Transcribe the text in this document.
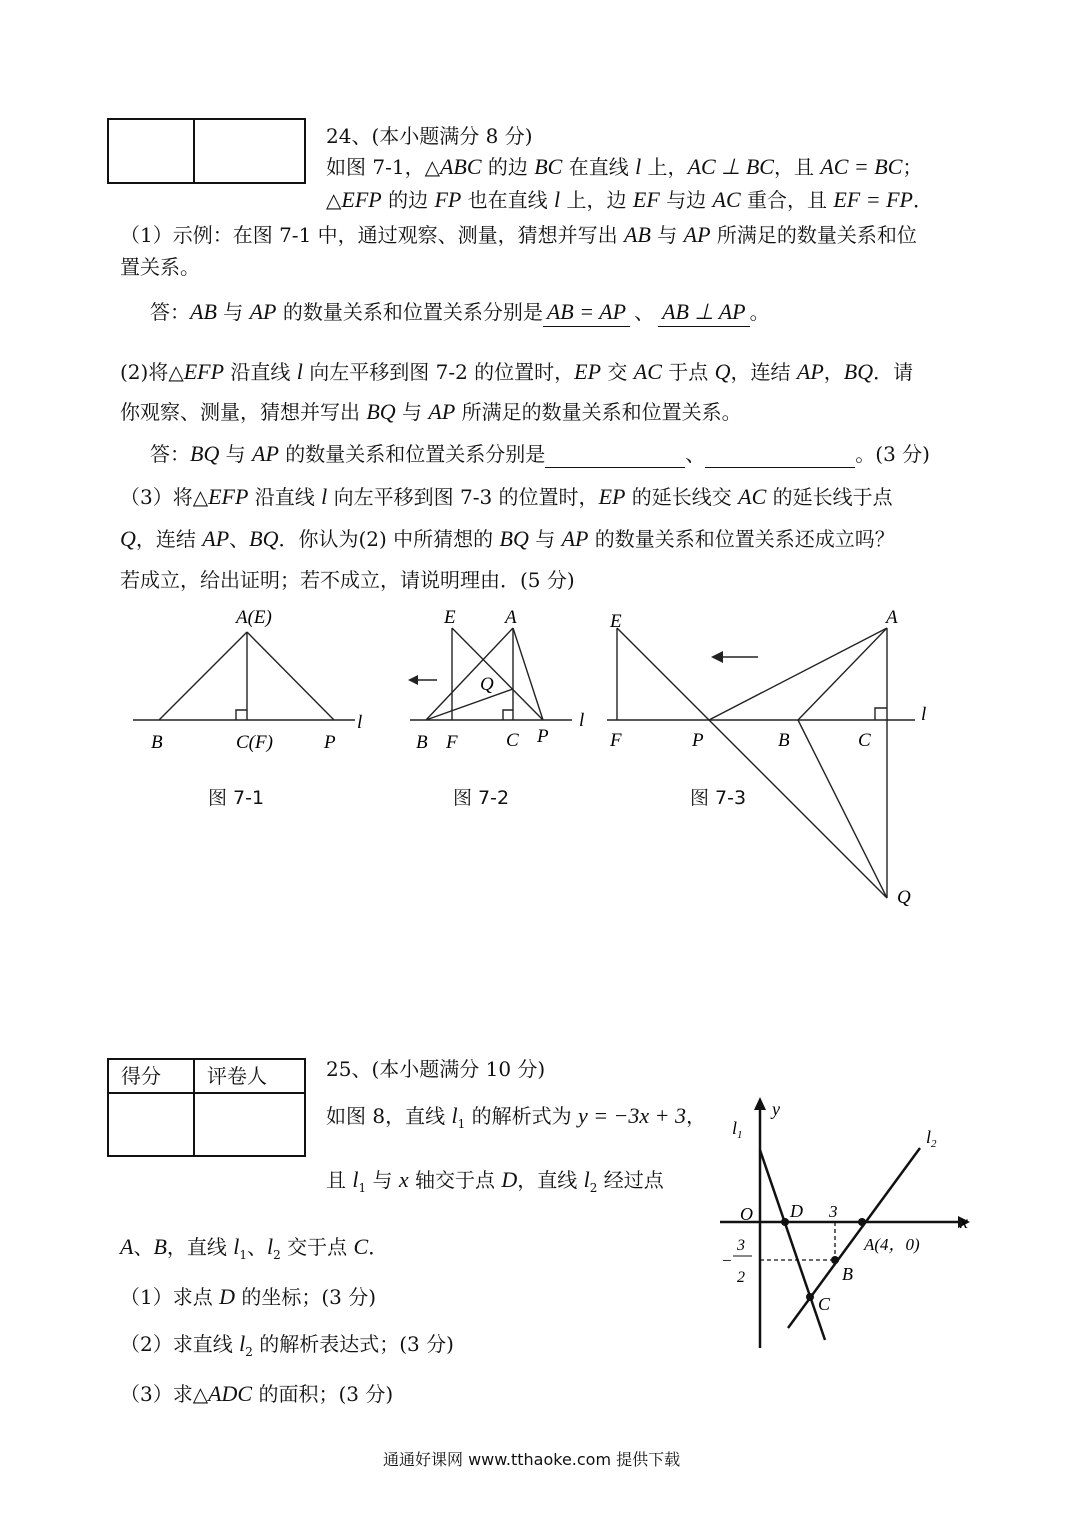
24、(本小题满分 8 分)
如图 7-1，△ABC 的边 BC 在直线 l 上，AC ⊥ BC，且 AC = BC；
△EFP 的边 FP 也在直线 l 上，边 EF 与边 AC 重合，且 EF = FP．
（1）示例：在图 7-1 中，通过观察、测量，猜想并写出 AB 与 AP 所满足的数量关系和位
置关系。
答：AB 与 AP 的数量关系和位置关系分别是 AB = AP 、 AB ⊥ AP 。
(2)将△EFP 沿直线 l 向左平移到图 7-2 的位置时，EP 交 AC 于点 Q，连结 AP，BQ．请
你观察、测量，猜想并写出 BQ 与 AP 所满足的数量关系和位置关系。
答：BQ 与 AP 的数量关系和位置关系分别是	、	。(3 分)
（3）将△EFP 沿直线 l 向左平移到图 7-3 的位置时，EP 的延长线交 AC 的延长线于点
Q，连结 AP、BQ．你认为(2) 中所猜想的 BQ 与 AP 的数量关系和位置关系还成立吗？
若成立，给出证明；若不成立，请说明理由．(5 分)
A(E)
B	C(F)	P
l
E	A
Q
B F	C P
l
E	A
F	P	B	C
l
Q
图 7-1	图 7-2	图 7-3
得分 评卷人	25、(本小题满分 10 分)
如图 8，直线 $l_1$ 的解析式为 y = −3x + 3，
且 $l_1$ 与 x 轴交于点 D，直线 $l_2$ 经过点
A、B，直线 $l_1$、$l_2$ 交于点 C．
（1）求点 D 的坐标；(3 分)
（2）求直线 $l_2$ 的解析表达式；(3 分)
（3）求△ADC 的面积；(3 分)
$l_1$	$l_2$
y
x
O D 3
A(4，0)
B
C
−
3
2
通通好课网 www.tthaoke.com 提供下载
